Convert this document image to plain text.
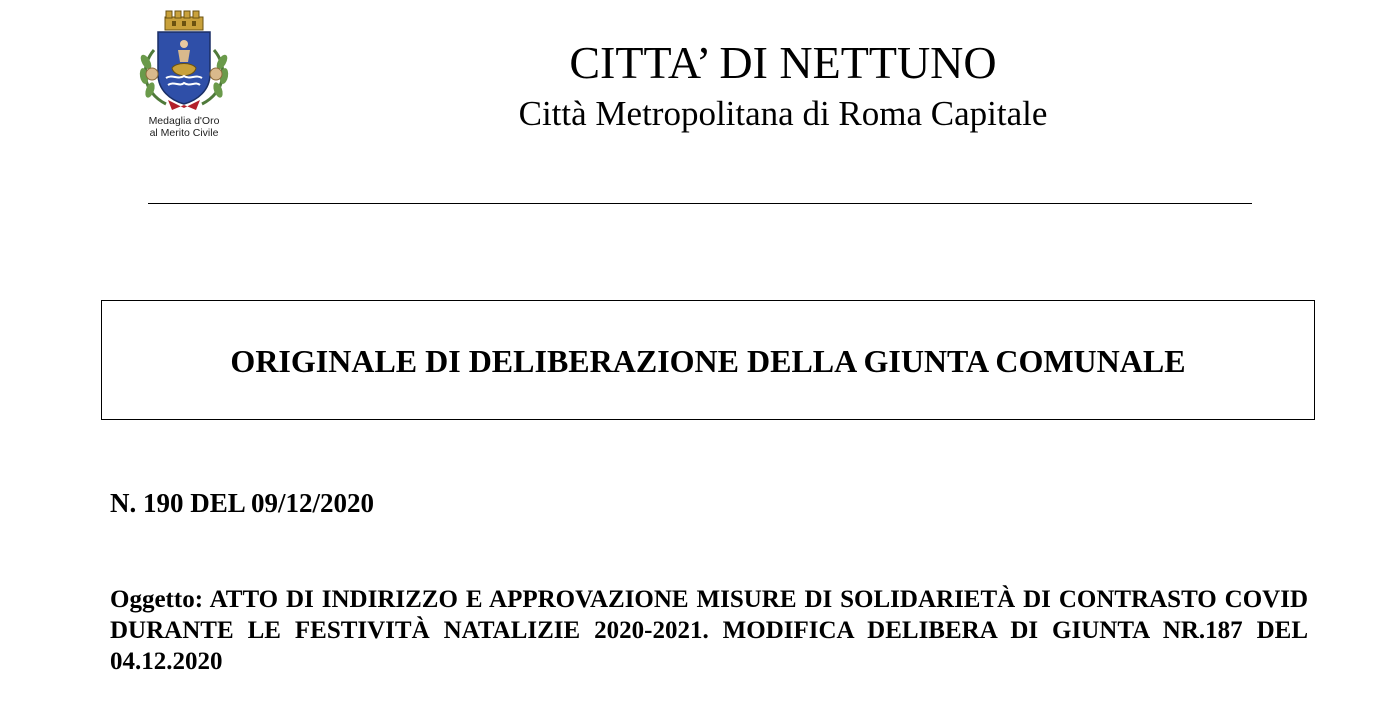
Medaglia d'Oro
al Merito Civile
CITTA’ DI NETTUNO
Città Metropolitana di Roma Capitale
ORIGINALE DI DELIBERAZIONE DELLA GIUNTA COMUNALE
N. 190 DEL 09/12/2020
Oggetto: ATTO DI INDIRIZZO E APPROVAZIONE MISURE DI SOLIDARIETÀ DI CONTRASTO COVID DURANTE LE FESTIVITÀ NATALIZIE 2020-2021. MODIFICA DELIBERA DI GIUNTA NR.187 DEL 04.12.2020
